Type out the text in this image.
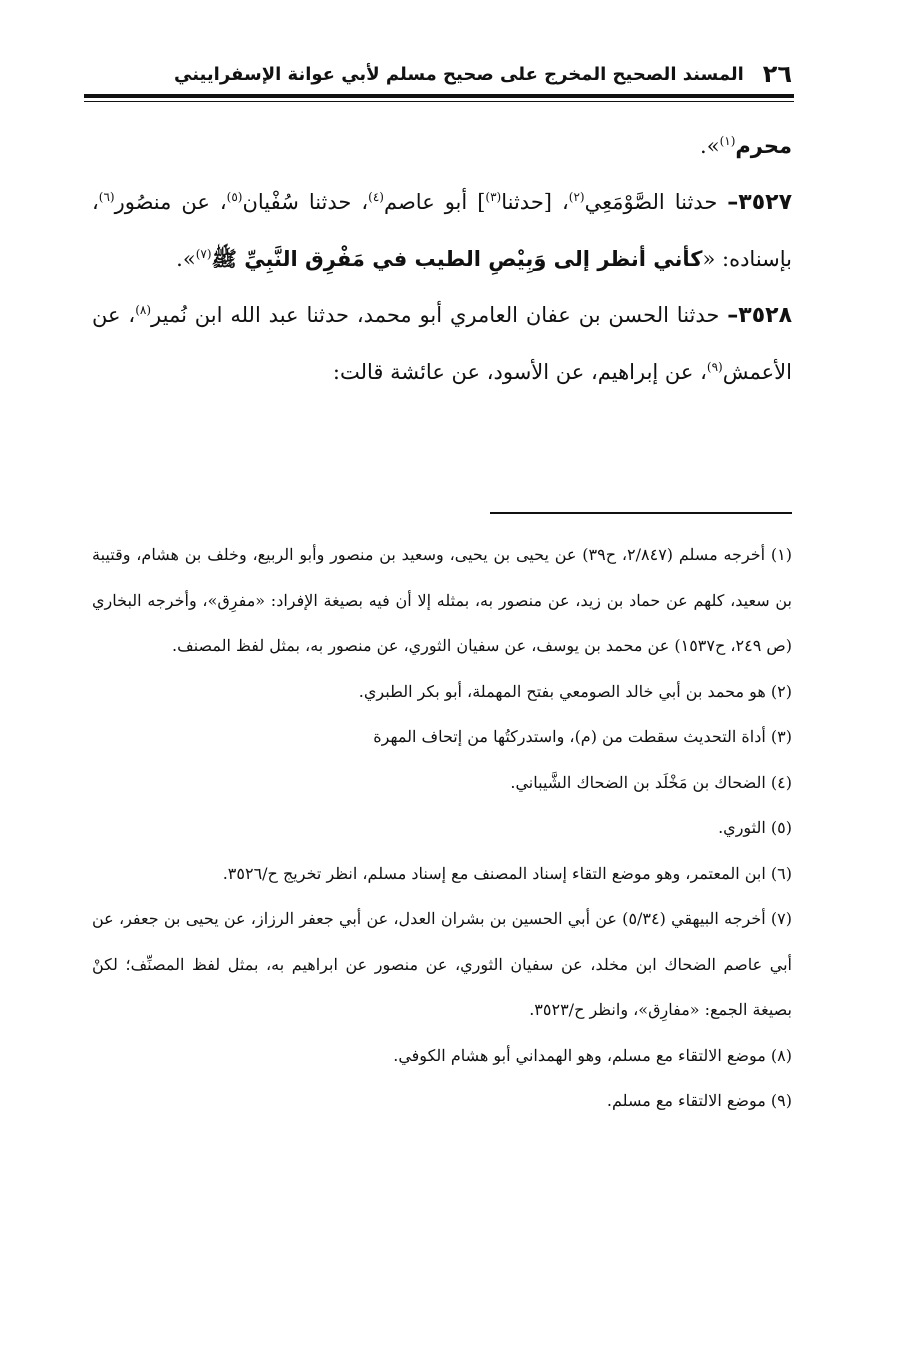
٢٦
المسند الصحيح المخرج على صحيح مسلم لأبي عوانة الإسفراييني

محرم$^{(١)}$».

٣٥٢٧– حدثنا الصَّوْمَعِي$^{(٢)}$، [حدثنا$^{(٣)}$] أبو عاصم$^{(٤)}$، حدثنا سُفْيان$^{(٥)}$، عن منصُور$^{(٦)}$، بإسناده: «كأني أنظر إلى وَبِيْصِ الطيب في مَفْرِق النَّبِيِّ ﷺ$^{(٧)}$».

٣٥٢٨– حدثنا الحسن بن عفان العامري أبو محمد، حدثنا عبد الله ابن نُمير$^{(٨)}$، عن الأعمش$^{(٩)}$، عن إبراهيم، عن الأسود، عن عائشة قالت:

(١) أخرجه مسلم (٢/٨٤٧، ح٣٩) عن يحيى بن يحيى، وسعيد بن منصور وأبو الربيع، وخلف بن هشام، وقتيبة بن سعيد، كلهم عن حماد بن زيد، عن منصور به، بمثله إلا أن فيه بصيغة الإفراد: «مفرِق»، وأخرجه البخاري (ص ٢٤٩، ح١٥٣٧) عن محمد بن يوسف، عن سفيان الثوري، عن منصور به، بمثل لفظ المصنف.

(٢) هو محمد بن أبي خالد الصومعي بفتح المهملة، أبو بكر الطبري.

(٣) أداة التحديث سقطت من (م)، واستدركتُها من إتحاف المهرة

(٤) الضحاك بن مَخْلَد بن الضحاك الشَّيباني.

(٥) الثوري.

(٦) ابن المعتمر، وهو موضع التقاء إسناد المصنف مع إسناد مسلم، انظر تخريج ح/٣٥٢٦.

(٧) أخرجه البيهقي (٥/٣٤) عن أبي الحسين بن بشران العدل، عن أبي جعفر الرزاز، عن يحيى بن جعفر، عن أبي عاصم الضحاك ابن مخلد، عن سفيان الثوري، عن منصور عن ابراهيم به، بمثل لفظ المصنِّف؛ لكنْ بصيغة الجمع: «مفارِق»، وانظر ح/٣٥٢٣.

(٨) موضع الالتقاء مع مسلم، وهو الهمداني أبو هشام الكوفي.

(٩) موضع الالتقاء مع مسلم.
